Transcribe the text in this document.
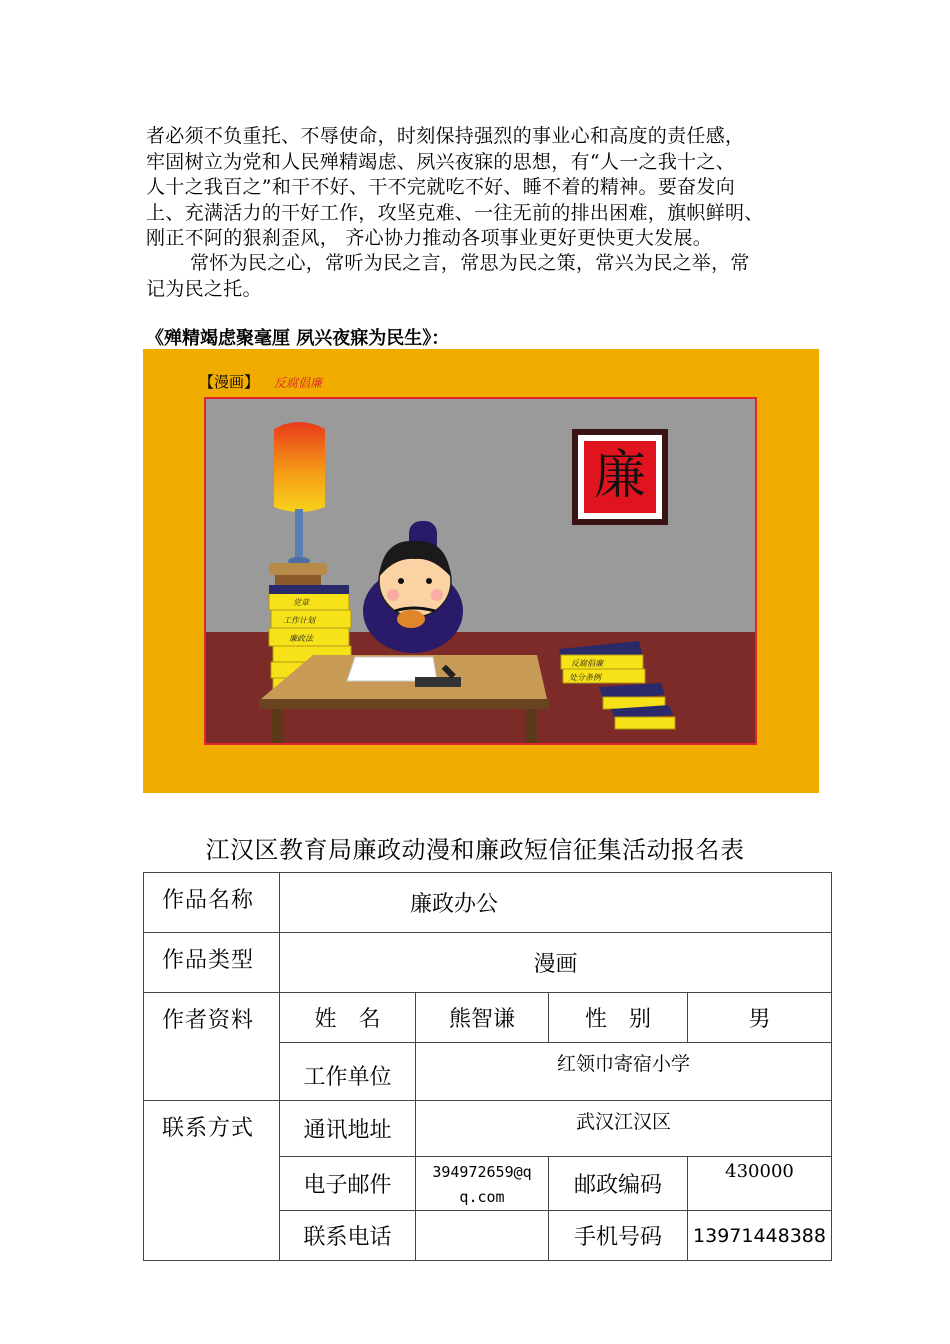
者必须不负重托、不辱使命，时刻保持强烈的事业心和高度的责任感，

牢固树立为党和人民殚精竭虑、夙兴夜寐的思想，有“人一之我十之、

人十之我百之”和干不好、干不完就吃不好、睡不着的精神。要奋发向

上、充满活力的干好工作，攻坚克难、一往无前的排出困难，旗帜鲜明、

刚正不阿的狠刹歪风， 齐心协力推动各项事业更好更快更大发展。

常怀为民之心，常听为民之言，常思为民之策，常兴为民之举，常

记为民之托。

《殚精竭虑聚毫厘 夙兴夜寐为民生》：
【漫画】 反腐倡廉
廉
党章
工作计划
廉政法
反腐倡廉
处分条例
江汉区教育局廉政动漫和廉政短信征集活动报名表
作品名称	廉政办公			
作品类型	漫画			
作者资料	姓　名	熊智谦	性　别	男
	工作单位	红领巾寄宿小学		
联系方式	通讯地址	武汉江汉区		
	电子邮件	394972659@qq.com	邮政编码	430000
	联系电话		手机号码	13971448388
